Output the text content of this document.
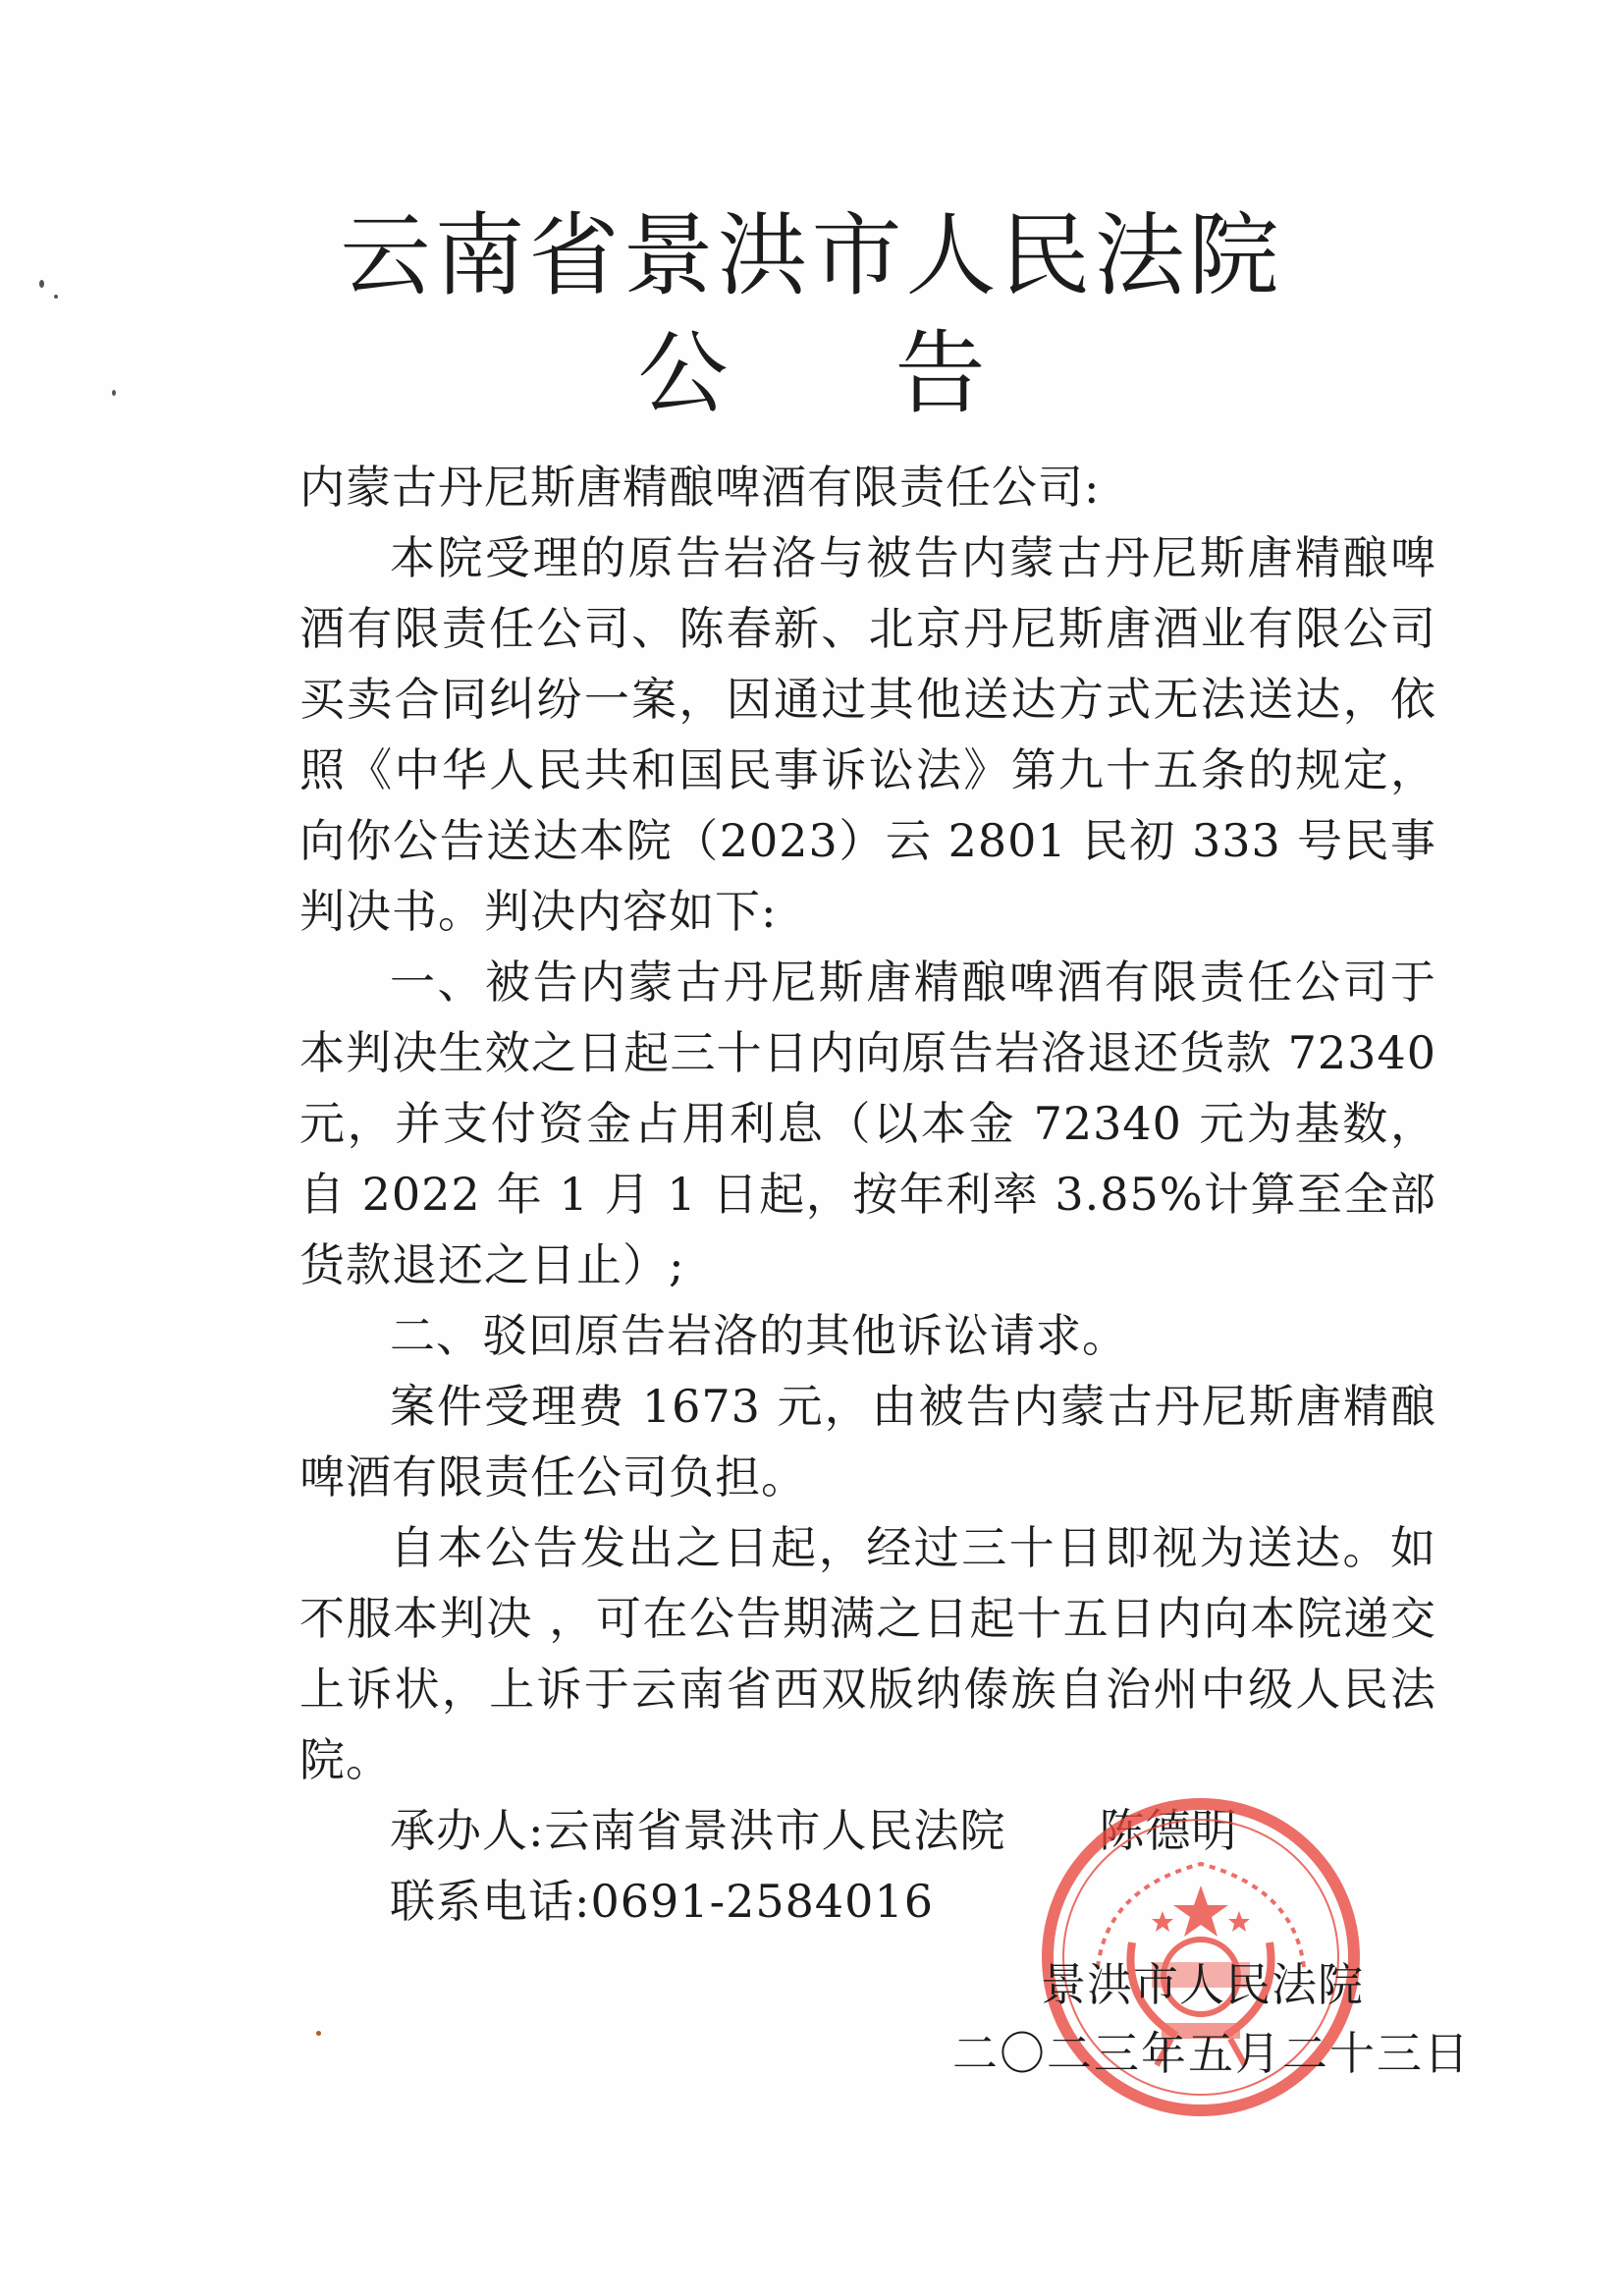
云南省景洪市人民法院
公告

内蒙古丹尼斯唐精酿啤酒有限责任公司:

本院受理的原告岩洛与被告内蒙古丹尼斯唐精酿啤酒有限责任公司、陈春新、北京丹尼斯唐酒业有限公司买卖合同纠纷一案，因通过其他送达方式无法送达，依照《中华人民共和国民事诉讼法》第九十五条的规定，向你公告送达本院（2023）云 2801 民初 333 号民事判决书。判决内容如下:

一、被告内蒙古丹尼斯唐精酿啤酒有限责任公司于本判决生效之日起三十日内向原告岩洛退还货款 72340 元，并支付资金占用利息（以本金 72340 元为基数，自 2022 年 1 月 1 日起，按年利率 3.85%计算至全部货款退还之日止）;

二、驳回原告岩洛的其他诉讼请求。

案件受理费 1673 元，由被告内蒙古丹尼斯唐精酿啤酒有限责任公司负担。

自本公告发出之日起，经过三十日即视为送达。如不服本判决 ，可在公告期满之日起十五日内向本院递交上诉状，上诉于云南省西双版纳傣族自治州中级人民法院。

承办人:云南省景洪市人民法院 陈德明

联系电话:0691-2584016

景洪市人民法院
二〇二三年五月二十三日
